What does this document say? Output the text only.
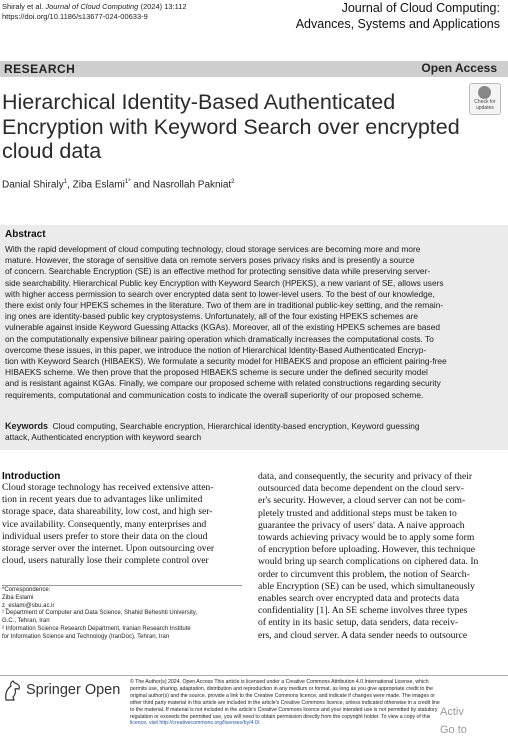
Shiraly et al. Journal of Cloud Computing (2024) 13:112
https://doi.org/10.1186/s13677-024-00633-9
Journal of Cloud Computing:
Advances, Systems and Applications
RESEARCH	Open Access
Hierarchical Identity-Based Authenticated
Encryption with Keyword Search over encrypted
cloud data
Check for
updates
Danial Shiraly$^1$, Ziba Eslami$^{1*}$ and Nasrollah Pakniat$^2$
Abstract
With the rapid development of cloud computing technology, cloud storage services are becoming more and more
mature. However, the storage of sensitive data on remote servers poses privacy risks and is presently a source
of concern. Searchable Encryption (SE) is an effective method for protecting sensitive data while preserving server-
side searchability. Hierarchical Public key Encryption with Keyword Search (HPEKS), a new variant of SE, allows users
with higher access permission to search over encrypted data sent to lower-level users. To the best of our knowledge,
there exist only four HPEKS schemes in the literature. Two of them are in traditional public-key setting, and the remain-
ing ones are identity-based public key cryptosystems. Unfortunately, all of the four existing HPEKS schemes are
vulnerable against inside Keyword Guessing Attacks (KGAs). Moreover, all of the existing HPEKS schemes are based
on the computationally expensive bilinear pairing operation which dramatically increases the computational costs. To
overcome these issues, in this paper, we introduce the notion of Hierarchical Identity-Based Authenticated Encryp-
tion with Keyword Search (HIBAEKS). We formulate a security model for HIBAEKS and propose an efficient pairing-free
HIBAEKS scheme. We then prove that the proposed HIBAEKS scheme is secure under the defined security model
and is resistant against KGAs. Finally, we compare our proposed scheme with related constructions regarding security
requirements, computational and communication costs to indicate the overall superiority of our proposed scheme.
Keywords Cloud computing, Searchable encryption, Hierarchical identity-based encryption, Keyword guessing
attack, Authenticated encryption with keyword search
Introduction
Cloud storage technology has received extensive atten-
tion in recent years due to advantages like unlimited
storage space, data shareability, low cost, and high ser-
vice availability. Consequently, many enterprises and
individual users prefer to store their data on the cloud
storage server over the internet. Upon outsourcing over
cloud, users naturally lose their complete control over
data, and consequently, the security and privacy of their
outsourced data become dependent on the cloud serv-
er's security. However, a cloud server can not be com-
pletely trusted and additional steps must be taken to
guarantee the privacy of users' data. A naive approach
towards achieving privacy would be to apply some form
of encryption before uploading. However, this technique
would bring up search complications on ciphered data. In
order to circumvent this problem, the notion of Search-
able Encryption (SE) can be used, which simultaneously
enables search over encrypted data and protects data
confidentiality [1]. An SE scheme involves three types
of entity in its basic setup, data senders, data receiv-
ers, and cloud server. A data sender needs to outsource
*Correspondence:
Ziba Eslami
z_eslami@sbu.ac.ir
¹ Department of Computer and Data Science, Shahid Beheshti University,
G.C., Tehran, Iran
² Information Science Research Department, Iranian Research Institute
for Information Science and Technology (IranDoc), Tehran, Iran
Springer Open © The Author(s) 2024. Open Access This article is licensed under a Creative Commons Attribution 4.0 International License, which
permits use, sharing, adaptation, distribution and reproduction in any medium or format, as long as you give appropriate credit to the
original author(s) and the source, provide a link to the Creative Commons licence, and indicate if changes were made. The images or
other third party material in this article are included in the article's Creative Commons licence, unless indicated otherwise in a credit line
to the material. If material is not included in the article's Creative Commons licence and your intended use is not permitted by statutory
regulation or exceeds the permitted use, you will need to obtain permission directly from the copyright holder. To view a copy of this
licence, visit http://creativecommons.org/licenses/by/4.0/.
Activ
Go to
